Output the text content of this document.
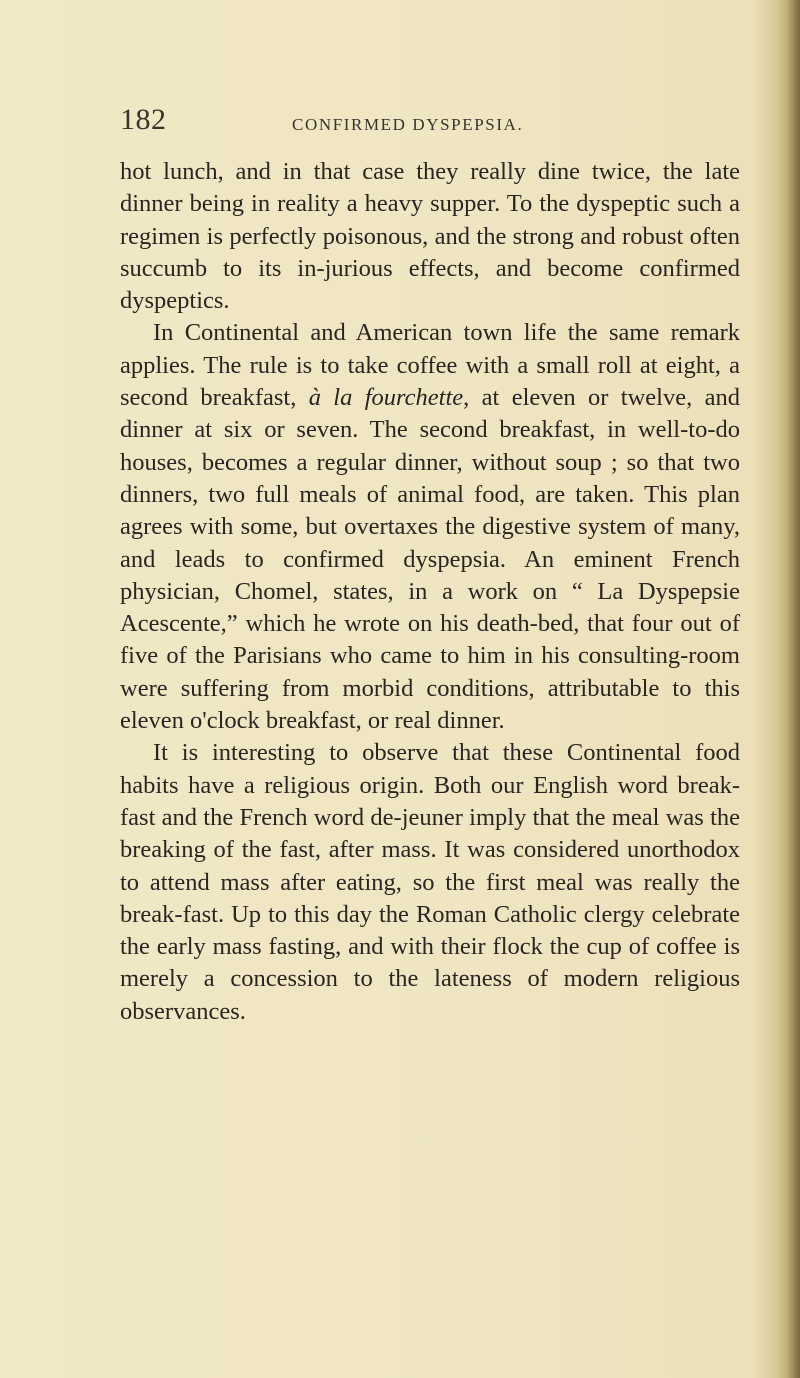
182	CONFIRMED DYSPEPSIA.

hot lunch, and in that case they really dine twice, the late dinner being in reality a heavy supper. To the dyspeptic such a regimen is perfectly poisonous, and the strong and robust often succumb to its in-jurious effects, and become confirmed dyspeptics.

In Continental and American town life the same remark applies. The rule is to take coffee with a small roll at eight, a second breakfast, à la fourchette, at eleven or twelve, and dinner at six or seven. The second breakfast, in well-to-do houses, becomes a regular dinner, without soup ; so that two dinners, two full meals of animal food, are taken. This plan agrees with some, but overtaxes the digestive system of many, and leads to confirmed dyspepsia. An eminent French physician, Chomel, states, in a work on “ La Dyspepsie Acescente,” which he wrote on his death-bed, that four out of five of the Parisians who came to him in his consulting-room were suffering from morbid conditions, attributable to this eleven o'clock breakfast, or real dinner.

It is interesting to observe that these Continental food habits have a religious origin. Both our English word break-fast and the French word de-jeuner imply that the meal was the breaking of the fast, after mass. It was considered unorthodox to attend mass after eating, so the first meal was really the break-fast. Up to this day the Roman Catholic clergy celebrate the early mass fasting, and with their flock the cup of coffee is merely a concession to the lateness of modern religious observances.
